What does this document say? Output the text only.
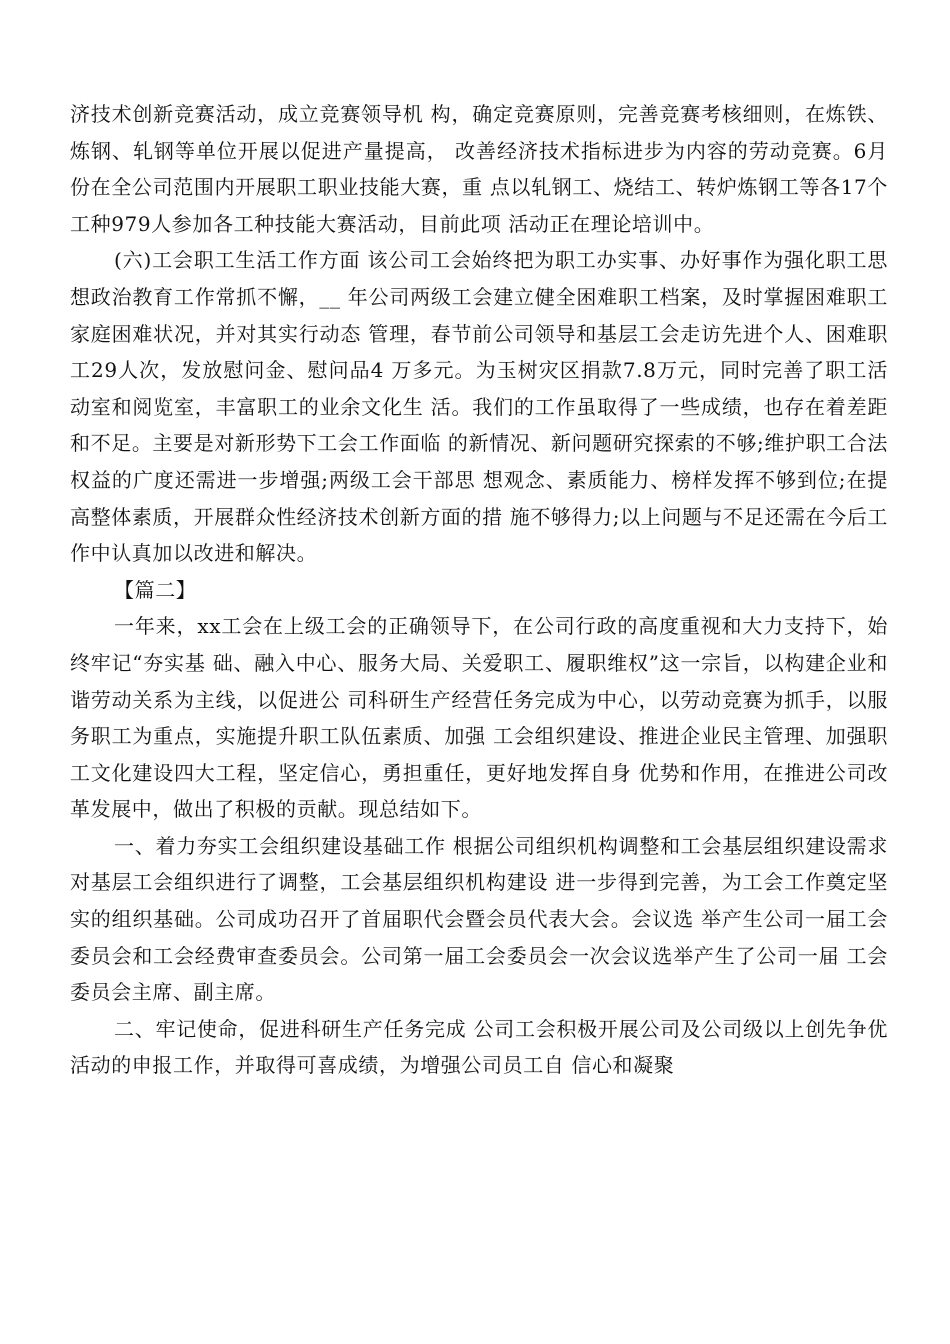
济技术创新竞赛活动，成立竞赛领导机 构，确定竞赛原则，完善竞赛考核细则，在炼铁、炼钢、轧钢等单位开展以促进产量提高， 改善经济技术指标进步为内容的劳动竞赛。6月份在全公司范围内开展职工职业技能大赛，重 点以轧钢工、烧结工、转炉炼钢工等各17个工种979人参加各工种技能大赛活动，目前此项 活动正在理论培训中。

(六)工会职工生活工作方面 该公司工会始终把为职工办实事、办好事作为强化职工思想政治教育工作常抓不懈，__ 年公司两级工会建立健全困难职工档案，及时掌握困难职工家庭困难状况，并对其实行动态 管理，春节前公司领导和基层工会走访先进个人、困难职工29人次，发放慰问金、慰问品4 万多元。为玉树灾区捐款7.8万元，同时完善了职工活动室和阅览室，丰富职工的业余文化生 活。我们的工作虽取得了一些成绩，也存在着差距和不足。主要是对新形势下工会工作面临 的新情况、新问题研究探索的不够;维护职工合法权益的广度还需进一步增强;两级工会干部思 想观念、素质能力、榜样发挥不够到位;在提高整体素质，开展群众性经济技术创新方面的措 施不够得力;以上问题与不足还需在今后工作中认真加以改进和解决。

【篇二】

一年来，xx工会在上级工会的正确领导下，在公司行政的高度重视和大力支持下，始终牢记“夯实基 础、融入中心、服务大局、关爱职工、履职维权”这一宗旨，以构建企业和谐劳动关系为主线，以促进公 司科研生产经营任务完成为中心，以劳动竞赛为抓手，以服务职工为重点，实施提升职工队伍素质、加强 工会组织建设、推进企业民主管理、加强职工文化建设四大工程，坚定信心，勇担重任，更好地发挥自身 优势和作用，在推进公司改革发展中，做出了积极的贡献。现总结如下。

一、着力夯实工会组织建设基础工作 根据公司组织机构调整和工会基层组织建设需求对基层工会组织进行了调整，工会基层组织机构建设 进一步得到完善，为工会工作奠定坚实的组织基础。公司成功召开了首届职代会暨会员代表大会。会议选 举产生公司一届工会委员会和工会经费审查委员会。公司第一届工会委员会一次会议选举产生了公司一届 工会委员会主席、副主席。

二、牢记使命，促进科研生产任务完成 公司工会积极开展公司及公司级以上创先争优活动的申报工作，并取得可喜成绩，为增强公司员工自 信心和凝聚
